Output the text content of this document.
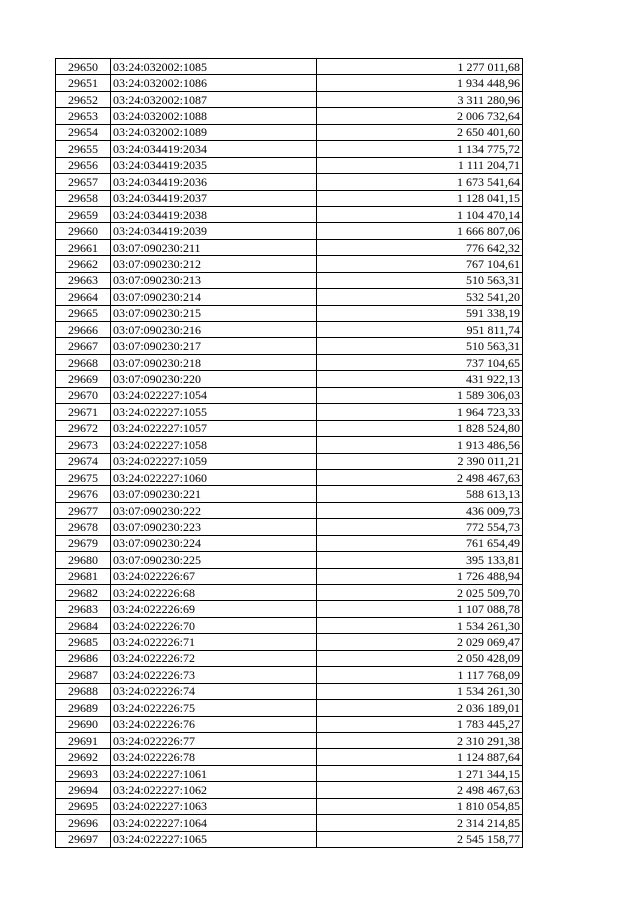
29650	03:24:032002:1085	1 277 011,68
29651	03:24:032002:1086	1 934 448,96
29652	03:24:032002:1087	3 311 280,96
29653	03:24:032002:1088	2 006 732,64
29654	03:24:032002:1089	2 650 401,60
29655	03:24:034419:2034	1 134 775,72
29656	03:24:034419:2035	1 111 204,71
29657	03:24:034419:2036	1 673 541,64
29658	03:24:034419:2037	1 128 041,15
29659	03:24:034419:2038	1 104 470,14
29660	03:24:034419:2039	1 666 807,06
29661	03:07:090230:211	776 642,32
29662	03:07:090230:212	767 104,61
29663	03:07:090230:213	510 563,31
29664	03:07:090230:214	532 541,20
29665	03:07:090230:215	591 338,19
29666	03:07:090230:216	951 811,74
29667	03:07:090230:217	510 563,31
29668	03:07:090230:218	737 104,65
29669	03:07:090230:220	431 922,13
29670	03:24:022227:1054	1 589 306,03
29671	03:24:022227:1055	1 964 723,33
29672	03:24:022227:1057	1 828 524,80
29673	03:24:022227:1058	1 913 486,56
29674	03:24:022227:1059	2 390 011,21
29675	03:24:022227:1060	2 498 467,63
29676	03:07:090230:221	588 613,13
29677	03:07:090230:222	436 009,73
29678	03:07:090230:223	772 554,73
29679	03:07:090230:224	761 654,49
29680	03:07:090230:225	395 133,81
29681	03:24:022226:67	1 726 488,94
29682	03:24:022226:68	2 025 509,70
29683	03:24:022226:69	1 107 088,78
29684	03:24:022226:70	1 534 261,30
29685	03:24:022226:71	2 029 069,47
29686	03:24:022226:72	2 050 428,09
29687	03:24:022226:73	1 117 768,09
29688	03:24:022226:74	1 534 261,30
29689	03:24:022226:75	2 036 189,01
29690	03:24:022226:76	1 783 445,27
29691	03:24:022226:77	2 310 291,38
29692	03:24:022226:78	1 124 887,64
29693	03:24:022227:1061	1 271 344,15
29694	03:24:022227:1062	2 498 467,63
29695	03:24:022227:1063	1 810 054,85
29696	03:24:022227:1064	2 314 214,85
29697	03:24:022227:1065	2 545 158,77
